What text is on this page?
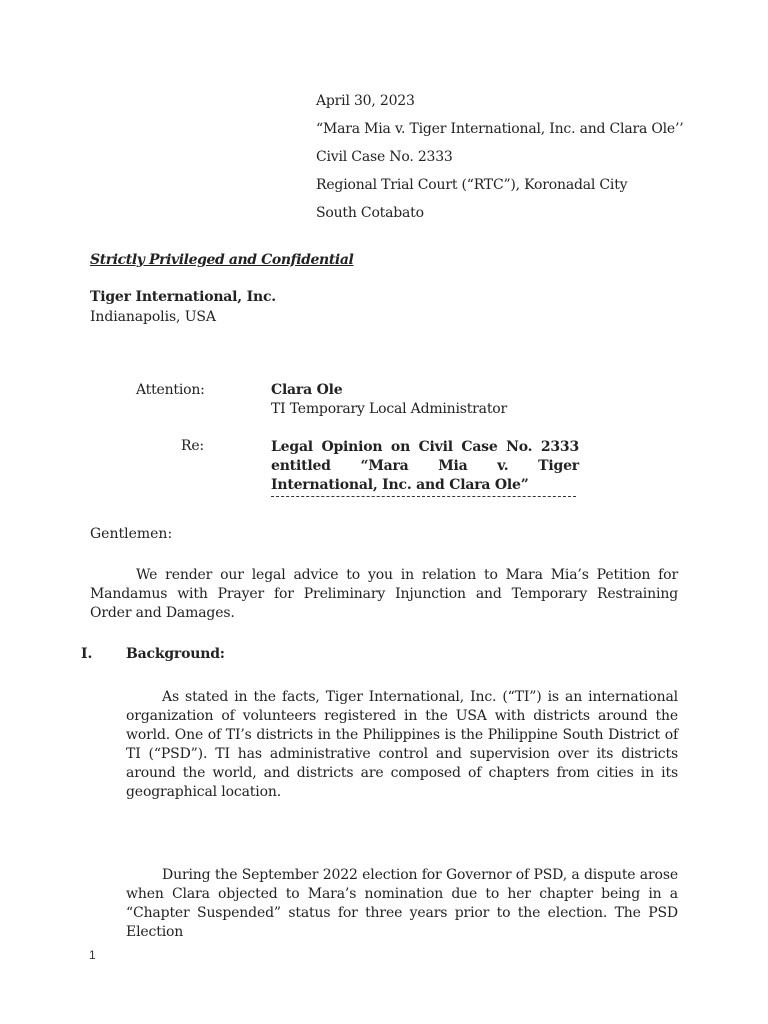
April 30, 2023
“Mara Mia v. Tiger International, Inc. and Clara Ole’’
Civil Case No. 2333
Regional Trial Court (“RTC”), Koronadal City
South Cotabato
Strictly Privileged and Confidential
Tiger International, Inc.
Indianapolis, USA
Attention:	Clara Ole
TI Temporary Local Administrator
Re:	Legal Opinion on Civil Case No. 2333 entitled “Mara Mia v. Tiger International, Inc. and Clara Ole”
Gentlemen:
We render our legal advice to you in relation to Mara Mia’s Petition for Mandamus with Prayer for Preliminary Injunction and Temporary Restraining Order and Damages.
I. Background:
As stated in the facts, Tiger International, Inc. (“TI”) is an international organization of volunteers registered in the USA with districts around the world. One of TI’s districts in the Philippines is the Philippine South District of TI (“PSD”). TI has administrative control and supervision over its districts around the world, and districts are composed of chapters from cities in its geographical location.
During the September 2022 election for Governor of PSD, a dispute arose when Clara objected to Mara’s nomination due to her chapter being in a “Chapter Suspended” status for three years prior to the election. The PSD Election
1
